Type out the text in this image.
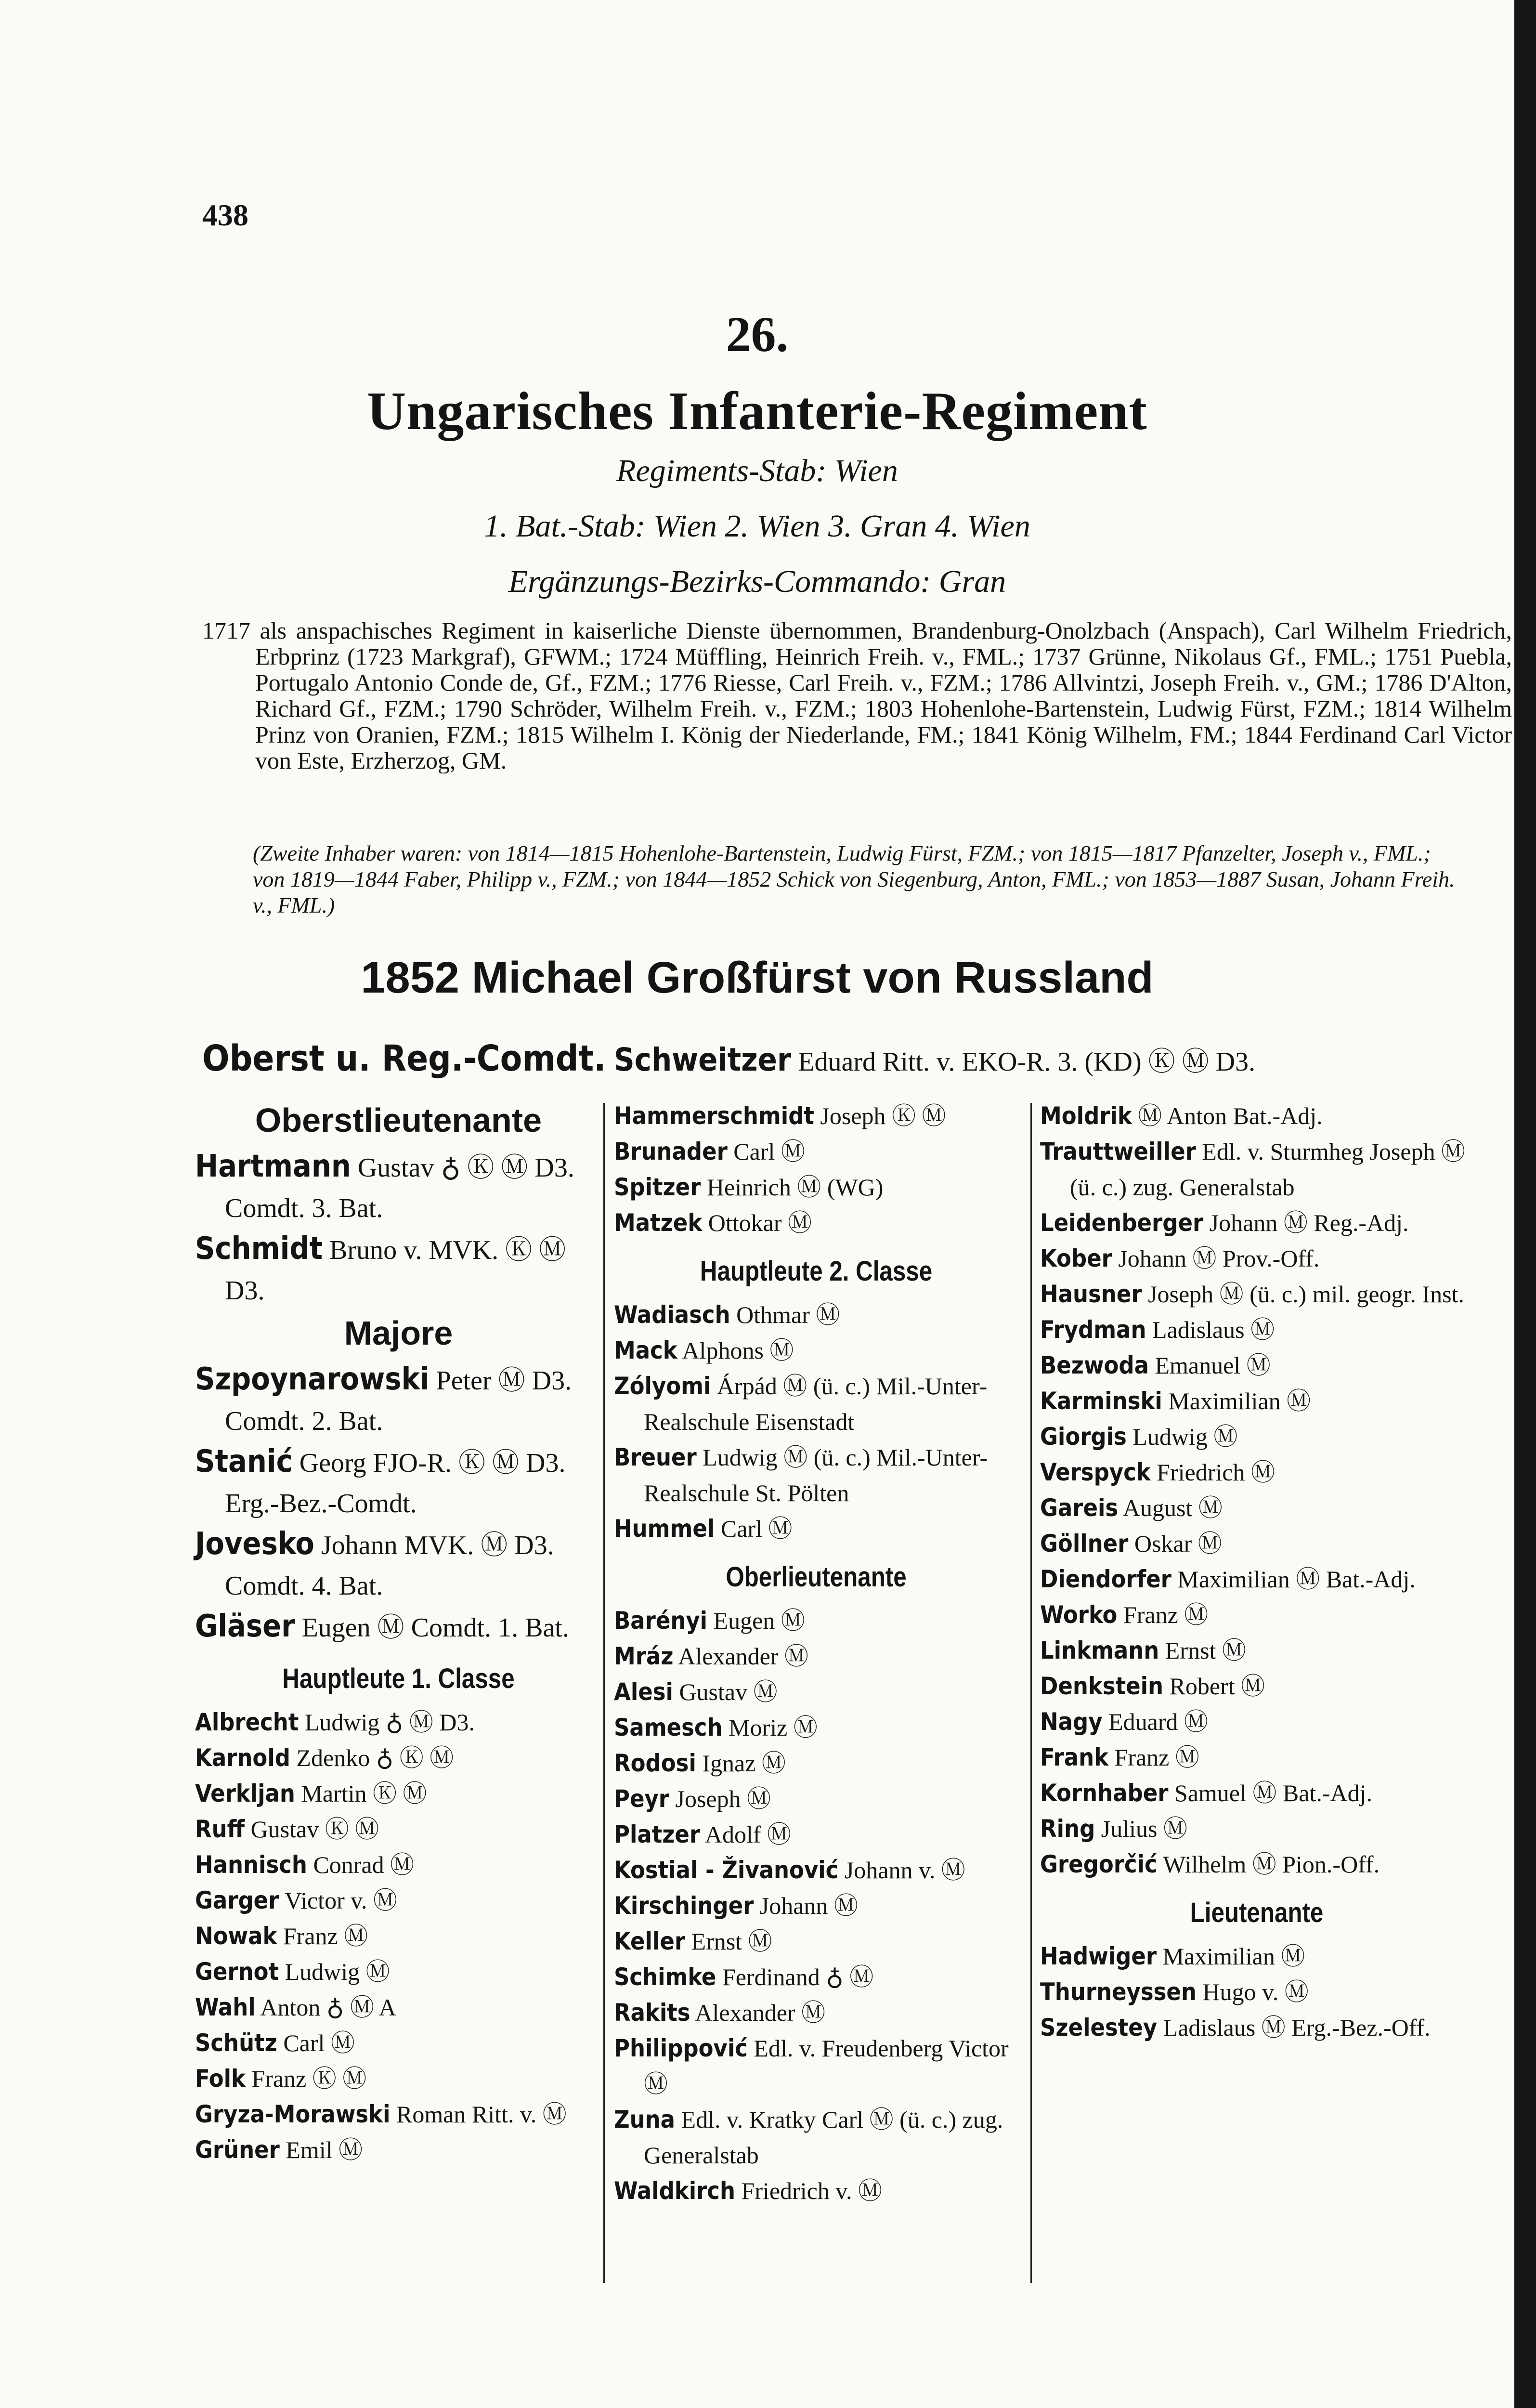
438
26.
Ungarisches Infanterie-Regiment
Regiments-Stab: Wien
1. Bat.-Stab: Wien 2. Wien 3. Gran 4. Wien
Ergänzungs-Bezirks-Commando: Gran
1717 als anspachisches Regiment in kaiserliche Dienste übernommen, Brandenburg-Onolzbach (Anspach), Carl Wilhelm Friedrich, Erbprinz (1723 Markgraf), GFWM.; 1724 Müffling, Heinrich Freih. v., FML.; 1737 Grünne, Nikolaus Gf., FML.; 1751 Puebla, Portugalo Antonio Conde de, Gf., FZM.; 1776 Riesse, Carl Freih. v., FZM.; 1786 Allvintzi, Joseph Freih. v., GM.; 1786 D'Alton, Richard Gf., FZM.; 1790 Schröder, Wilhelm Freih. v., FZM.; 1803 Hohenlohe-Bartenstein, Ludwig Fürst, FZM.; 1814 Wilhelm Prinz von Oranien, FZM.; 1815 Wilhelm I. König der Niederlande, FM.; 1841 König Wilhelm, FM.; 1844 Ferdinand Carl Victor von Este, Erzherzog, GM.
(Zweite Inhaber waren: von 1814—1815 Hohenlohe-Bartenstein, Ludwig Fürst, FZM.; von 1815—1817 Pfanzelter, Joseph v., FML.; von 1819—1844 Faber, Philipp v., FZM.; von 1844—1852 Schick von Siegenburg, Anton, FML.; von 1853—1887 Susan, Johann Freih. v., FML.)
1852 Michael Großfürst von Russland
Oberst u. Reg.-Comdt. Schweitzer Eduard Ritt. v. EKO-R. 3. (KD) Ⓚ Ⓜ D3.
Oberstlieutenante
Hartmann Gustav ♁ Ⓚ Ⓜ D3. Comdt. 3. Bat.
Schmidt Bruno v. MVK. Ⓚ Ⓜ D3.
Majore
Szpoynarowski Peter Ⓜ D3. Comdt. 2. Bat.
Stanić Georg FJO-R. Ⓚ Ⓜ D3. Erg.-Bez.-Comdt.
Jovesko Johann MVK. Ⓜ D3. Comdt. 4. Bat.
Gläser Eugen Ⓜ Comdt. 1. Bat.
Hauptleute 1. Classe
Albrecht Ludwig ♁ Ⓜ D3.
Karnold Zdenko ♁ Ⓚ Ⓜ
Verkljan Martin Ⓚ Ⓜ
Ruff Gustav Ⓚ Ⓜ
Hannisch Conrad Ⓜ
Garger Victor v. Ⓜ
Nowak Franz Ⓜ
Gernot Ludwig Ⓜ
Wahl Anton ♁ Ⓜ A
Schütz Carl Ⓜ
Folk Franz Ⓚ Ⓜ
Gryza-Morawski Roman Ritt. v. Ⓜ
Grüner Emil Ⓜ
Hammerschmidt Joseph Ⓚ Ⓜ
Brunader Carl Ⓜ
Spitzer Heinrich Ⓜ (WG)
Matzek Ottokar Ⓜ
Hauptleute 2. Classe
Wadiasch Othmar Ⓜ
Mack Alphons Ⓜ
Zólyomi Árpád Ⓜ (ü. c.) Mil.-Unter-Realschule Eisenstadt
Breuer Ludwig Ⓜ (ü. c.) Mil.-Unter-Realschule St. Pölten
Hummel Carl Ⓜ
Oberlieutenante
Barényi Eugen Ⓜ
Mráz Alexander Ⓜ
Alesi Gustav Ⓜ
Samesch Moriz Ⓜ
Rodosi Ignaz Ⓜ
Peyr Joseph Ⓜ
Platzer Adolf Ⓜ
Kostial - Živanović Johann v. Ⓜ
Kirschinger Johann Ⓜ
Keller Ernst Ⓜ
Schimke Ferdinand ♁ Ⓜ
Rakits Alexander Ⓜ
Philippović Edl. v. Freudenberg Victor Ⓜ
Zuna Edl. v. Kratky Carl Ⓜ (ü. c.) zug. Generalstab
Waldkirch Friedrich v. Ⓜ
Moldrik Ⓜ Anton Bat.-Adj.
Trauttweiller Edl. v. Sturmheg Joseph Ⓜ (ü. c.) zug. Generalstab
Leidenberger Johann Ⓜ Reg.-Adj.
Kober Johann Ⓜ Prov.-Off.
Hausner Joseph Ⓜ (ü. c.) mil. geogr. Inst.
Frydman Ladislaus Ⓜ
Bezwoda Emanuel Ⓜ
Karminski Maximilian Ⓜ
Giorgis Ludwig Ⓜ
Verspyck Friedrich Ⓜ
Gareis August Ⓜ
Göllner Oskar Ⓜ
Diendorfer Maximilian Ⓜ Bat.-Adj.
Worko Franz Ⓜ
Linkmann Ernst Ⓜ
Denkstein Robert Ⓜ
Nagy Eduard Ⓜ
Frank Franz Ⓜ
Kornhaber Samuel Ⓜ Bat.-Adj.
Ring Julius Ⓜ
Gregorčić Wilhelm Ⓜ Pion.-Off.
Lieutenante
Hadwiger Maximilian Ⓜ
Thurneyssen Hugo v. Ⓜ
Szelestey Ladislaus Ⓜ Erg.-Bez.-Off.
